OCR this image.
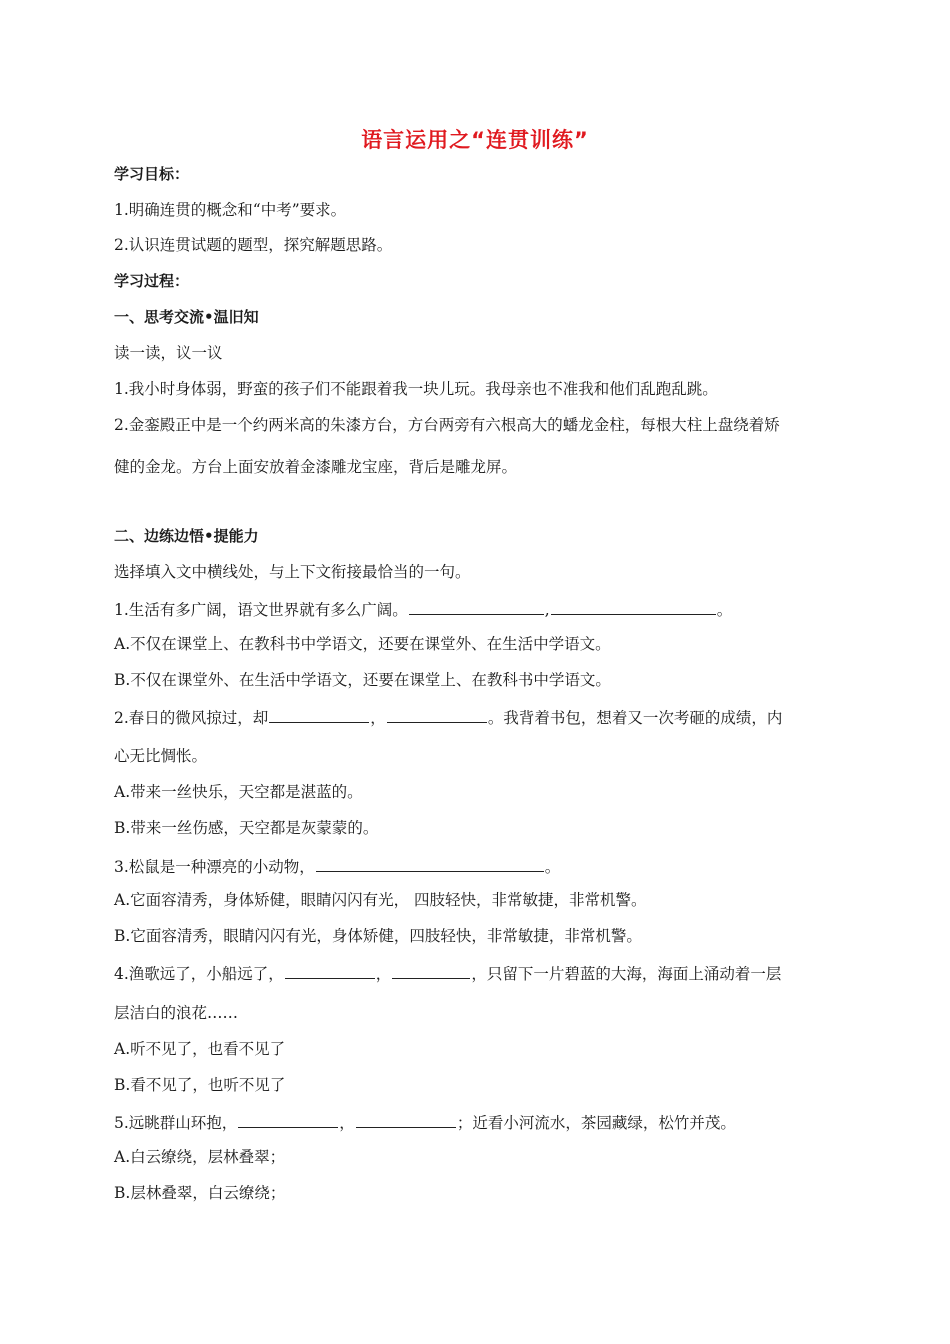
语言运用之“连贯训练”
学习目标：
1.明确连贯的概念和“中考”要求。
2.认识连贯试题的题型，探究解题思路。
学习过程：
一、思考交流•温旧知
读一读，议一议
1.我小时身体弱，野蛮的孩子们不能跟着我一块儿玩。我母亲也不准我和他们乱跑乱跳。
2.金銮殿正中是一个约两米高的朱漆方台，方台两旁有六根高大的蟠龙金柱，每根大柱上盘绕着矫
健的金龙。方台上面安放着金漆雕龙宝座，背后是雕龙屏。
二、边练边悟•提能力
选择填入文中横线处，与上下文衔接最恰当的一句。
1.生活有多广阔，语文世界就有多么广阔。	,	。
A.不仅在课堂上、在教科书中学语文，还要在课堂外、在生活中学语文。
B.不仅在课堂外、在生活中学语文，还要在课堂上、在教科书中学语文。
2.春日的微风掠过，却	，	。我背着书包，想着又一次考砸的成绩，内
心无比惆怅。
A.带来一丝快乐，天空都是湛蓝的。
B.带来一丝伤感，天空都是灰蒙蒙的。
3.松鼠是一种漂亮的小动物，	。
A.它面容清秀，身体矫健，眼睛闪闪有光， 四肢轻快，非常敏捷，非常机警。
B.它面容清秀，眼睛闪闪有光，身体矫健，四肢轻快，非常敏捷，非常机警。
4.渔歌远了，小船远了，	，	，只留下一片碧蓝的大海，海面上涌动着一层
层洁白的浪花……
A.听不见了，也看不见了
B.看不见了，也听不见了
5.远眺群山环抱，	，	；近看小河流水，茶园藏绿，松竹并茂。
A.白云缭绕，层林叠翠；
B.层林叠翠，白云缭绕；
